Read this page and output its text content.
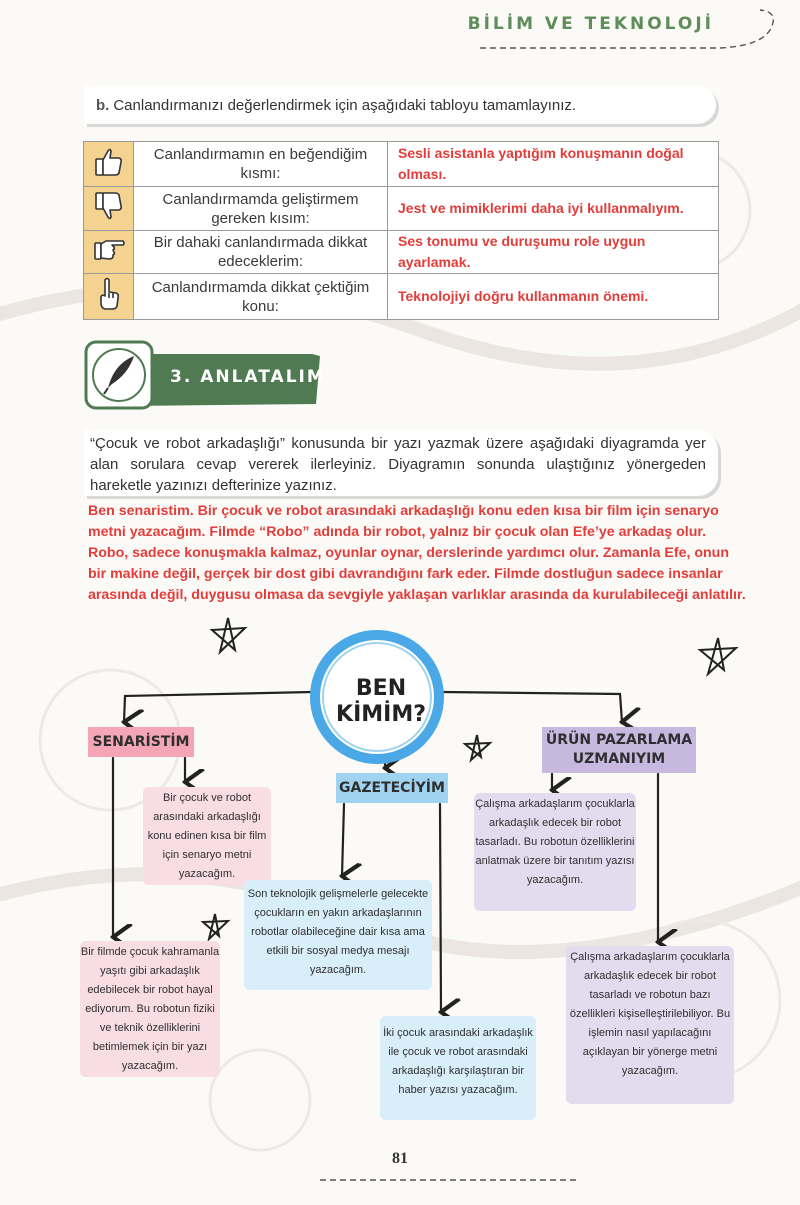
BİLİM VE TEKNOLOJİ
b. Canlandırmanızı değerlendirmek için aşağıdaki tabloyu tamamlayınız.
	Canlandırmamın en beğendiğim kısmı:	Sesli asistanla yaptığım konuşmanın doğal olması.
	Canlandırmamda geliştirmem gereken kısım:	Jest ve mimiklerimi daha iyi kullanmalıyım.
	Bir dahaki canlandırmada dikkat edeceklerim:	Ses tonumu ve duruşumu role uygun ayarlamak.
	Canlandırmamda dikkat çektiğim konu:	Teknolojiyi doğru kullanmanın önemi.
3. ANLATALIM
“Çocuk ve robot arkadaşlığı” konusunda bir yazı yazmak üzere aşağıdaki diyagramda yer alan sorulara cevap vererek ilerleyiniz. Diyagramın sonunda ulaştığınız yönergeden hareketle yazınızı defterinize yazınız.
Ben senaristim. Bir çocuk ve robot arasındaki arkadaşlığı konu eden kısa bir film için senaryo metni yazacağım. Filmde “Robo” adında bir robot, yalnız bir çocuk olan Efe’ye arkadaş olur. Robo, sadece konuşmakla kalmaz, oyunlar oynar, derslerinde yardımcı olur. Zamanla Efe, onun bir makine değil, gerçek bir dost gibi davrandığını fark eder. Filmde dostluğun sadece insanlar arasında değil, duygusu olmasa da sevgiyle yaklaşan varlıklar arasında da kurulabileceği anlatılır.
BEN
KİMİM?
SENARİSTİM
GAZETECİYİM
ÜRÜN PAZARLAMA
UZMANIYIM
Bir çocuk ve robot arasındaki arkadaşlığı konu edinen kısa bir film için senaryo metni yazacağım.
Bir filmde çocuk kahramanla yaşıtı gibi arkadaşlık edebilecek bir robot hayal ediyorum. Bu robotun fiziki ve teknik özelliklerini betimlemek için bir yazı yazacağım.
Son teknolojik gelişmelerle gelecekte çocukların en yakın arkadaşlarının robotlar olabileceğine dair kısa ama etkili bir sosyal medya mesajı yazacağım.
İki çocuk arasındaki arkadaşlık ile çocuk ve robot arasındaki arkadaşlığı karşılaştıran bir haber yazısı yazacağım.
Çalışma arkadaşlarım çocuklarla arkadaşlık edecek bir robot tasarladı. Bu robotun özelliklerini anlatmak üzere bir tanıtım yazısı yazacağım.
Çalışma arkadaşlarım çocuklarla arkadaşlık edecek bir robot tasarladı ve robotun bazı özellikleri kişiselleştirilebiliyor. Bu işlemin nasıl yapılacağını açıklayan bir yönerge metni yazacağım.
81
